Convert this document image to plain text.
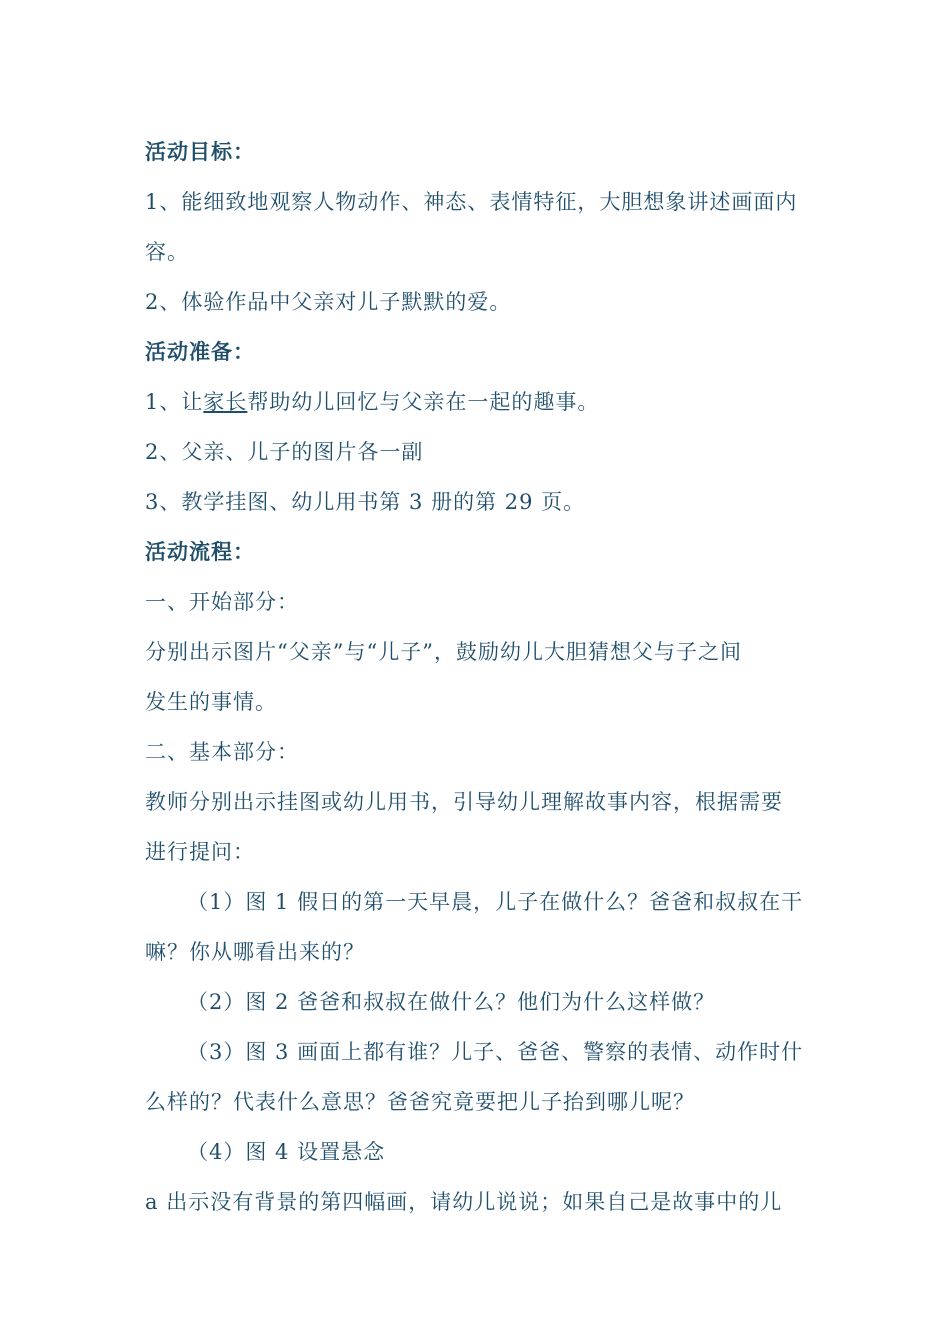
活动目标：
1、能细致地观察人物动作、神态、表情特征，大胆想象讲述画面内
容。
2、体验作品中父亲对儿子默默的爱。
活动准备：
1、让家长帮助幼儿回忆与父亲在一起的趣事。
2、父亲、儿子的图片各一副
3、教学挂图、幼儿用书第 3 册的第 29 页。
活动流程：
一、开始部分：
分别出示图片“父亲”与“儿子”，鼓励幼儿大胆猜想父与子之间
发生的事情。
二、基本部分：
教师分别出示挂图或幼儿用书，引导幼儿理解故事内容，根据需要
进行提问：
（1）图 1 假日的第一天早晨，儿子在做什么？爸爸和叔叔在干
嘛？你从哪看出来的？
（2）图 2 爸爸和叔叔在做什么？他们为什么这样做？
（3）图 3 画面上都有谁？儿子、爸爸、警察的表情、动作时什
么样的？代表什么意思？爸爸究竟要把儿子抬到哪儿呢？
（4）图 4 设置悬念
a 出示没有背景的第四幅画，请幼儿说说；如果自己是故事中的儿
